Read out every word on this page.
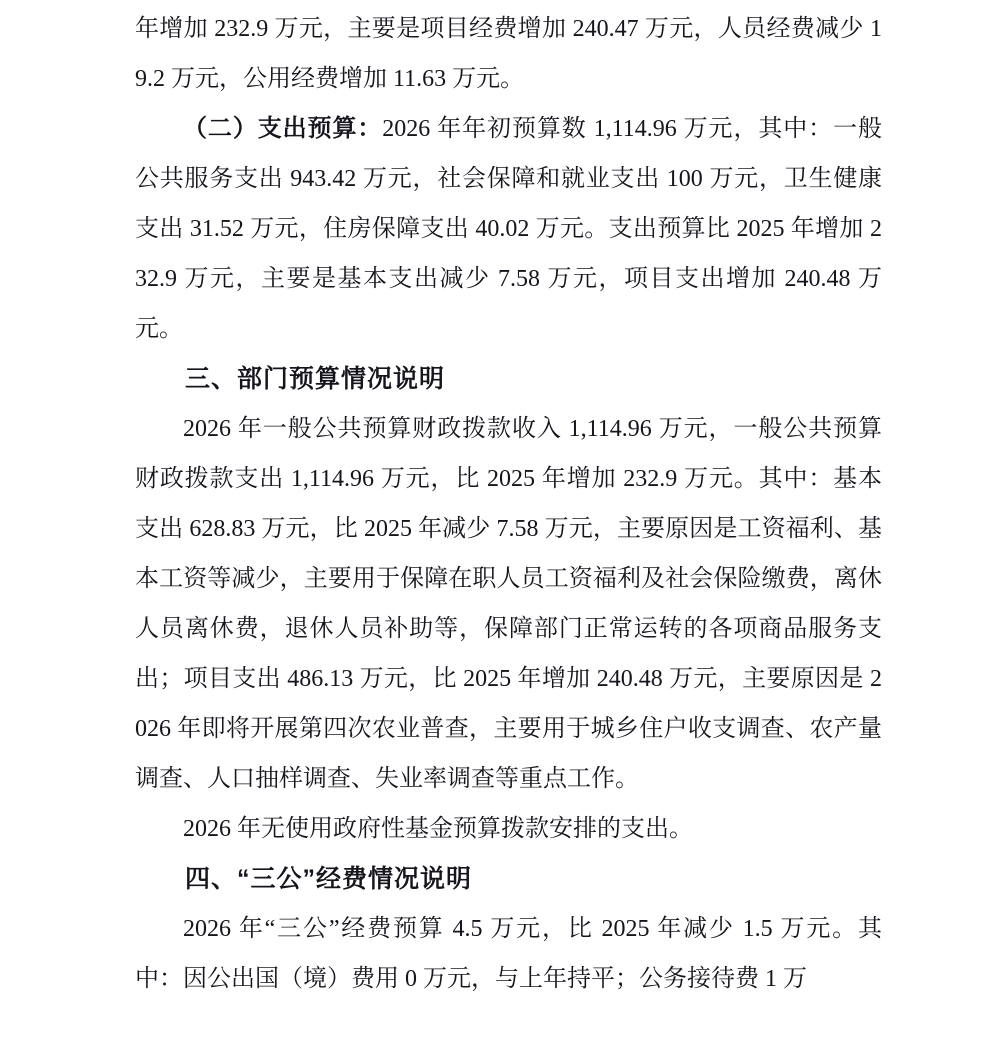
年增加 232.9 万元，主要是项目经费增加 240.47 万元，人员经费减少 19.2 万元，公用经费增加 11.63 万元。

（二）支出预算：2026 年年初预算数 1,114.96 万元，其中：一般公共服务支出 943.42 万元，社会保障和就业支出 100 万元，卫生健康支出 31.52 万元，住房保障支出 40.02 万元。支出预算比 2025 年增加 232.9 万元，主要是基本支出减少 7.58 万元，项目支出增加 240.48 万元。

三、部门预算情况说明

2026 年一般公共预算财政拨款收入 1,114.96 万元，一般公共预算财政拨款支出 1,114.96 万元，比 2025 年增加 232.9 万元。其中：基本支出 628.83 万元，比 2025 年减少 7.58 万元，主要原因是工资福利、基本工资等减少，主要用于保障在职人员工资福利及社会保险缴费，离休人员离休费，退休人员补助等，保障部门正常运转的各项商品服务支出；项目支出 486.13 万元，比 2025 年增加 240.48 万元，主要原因是 2026 年即将开展第四次农业普查，主要用于城乡住户收支调查、农产量调查、人口抽样调查、失业率调查等重点工作。

2026 年无使用政府性基金预算拨款安排的支出。

四、“三公”经费情况说明

2026 年“三公”经费预算 4.5 万元，比 2025 年减少 1.5 万元。其中：因公出国（境）费用 0 万元，与上年持平；公务接待费 1 万
